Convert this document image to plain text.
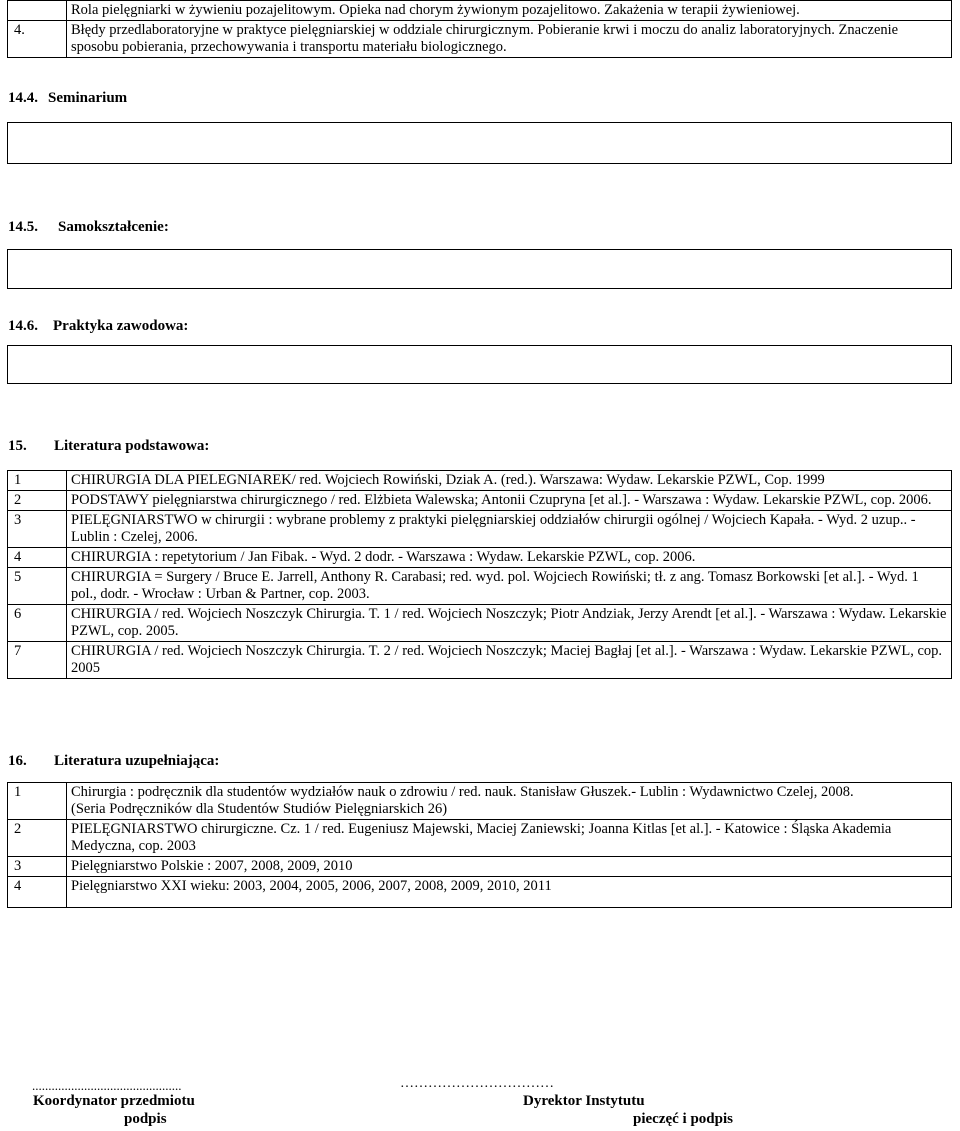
	Rola pielęgniarki w żywieniu pozajelitowym. Opieka nad chorym żywionym pozajelitowo. Zakażenia w terapii żywieniowej.
4.	Błędy przedlaboratoryjne w praktyce pielęgniarskiej w oddziale chirurgicznym. Pobieranie krwi i moczu do analiz laboratoryjnych. Znaczenie sposobu pobierania, przechowywania i transportu materiału biologicznego.
14.4. Seminarium
14.5. Samokształcenie:
14.6. Praktyka zawodowa:
15. Literatura podstawowa:
1	CHIRURGIA DLA PIELEGNIAREK/ red. Wojciech Rowiński, Dziak A. (red.). Warszawa: Wydaw. Lekarskie PZWL, Cop. 1999
2	PODSTAWY pielęgniarstwa chirurgicznego / red. Elżbieta Walewska; Antonii Czupryna [et al.]. - Warszawa : Wydaw. Lekarskie PZWL, cop. 2006.
3	PIELĘGNIARSTWO w chirurgii : wybrane problemy z praktyki pielęgniarskiej oddziałów chirurgii ogólnej / Wojciech Kapała. - Wyd. 2 uzup.. - Lublin : Czelej, 2006.
4	CHIRURGIA : repetytorium / Jan Fibak. - Wyd. 2 dodr. - Warszawa : Wydaw. Lekarskie PZWL, cop. 2006.
5	CHIRURGIA = Surgery / Bruce E. Jarrell, Anthony R. Carabasi; red. wyd. pol. Wojciech Rowiński; tł. z ang. Tomasz Borkowski [et al.]. - Wyd. 1 pol., dodr. - Wrocław : Urban & Partner, cop. 2003.
6	CHIRURGIA / red. Wojciech Noszczyk Chirurgia. T. 1 / red. Wojciech Noszczyk; Piotr Andziak, Jerzy Arendt [et al.]. - Warszawa : Wydaw. Lekarskie PZWL, cop. 2005.
7	CHIRURGIA / red. Wojciech Noszczyk Chirurgia. T. 2 / red. Wojciech Noszczyk; Maciej Bagłaj [et al.]. - Warszawa : Wydaw. Lekarskie PZWL, cop. 2005
16. Literatura uzupełniająca:
1	Chirurgia : podręcznik dla studentów wydziałów nauk o zdrowiu / red. nauk. Stanisław Głuszek.- Lublin : Wydawnictwo Czelej, 2008.
(Seria Podręczników dla Studentów Studiów Pielęgniarskich 26)

2	PIELĘGNIARSTWO chirurgiczne. Cz. 1 / red. Eugeniusz Majewski, Maciej Zaniewski; Joanna Kitlas [et al.]. - Katowice : Śląska Akademia Medyczna, cop. 2003
3	Pielęgniarstwo Polskie : 2007, 2008, 2009, 2010
4	Pielęgniarstwo XXI wieku: 2003, 2004, 2005, 2006, 2007, 2008, 2009, 2010, 2011
..............................................
Koordynator przedmiotu
podpis
……………………………
Dyrektor Instytutu
pieczęć i podpis
